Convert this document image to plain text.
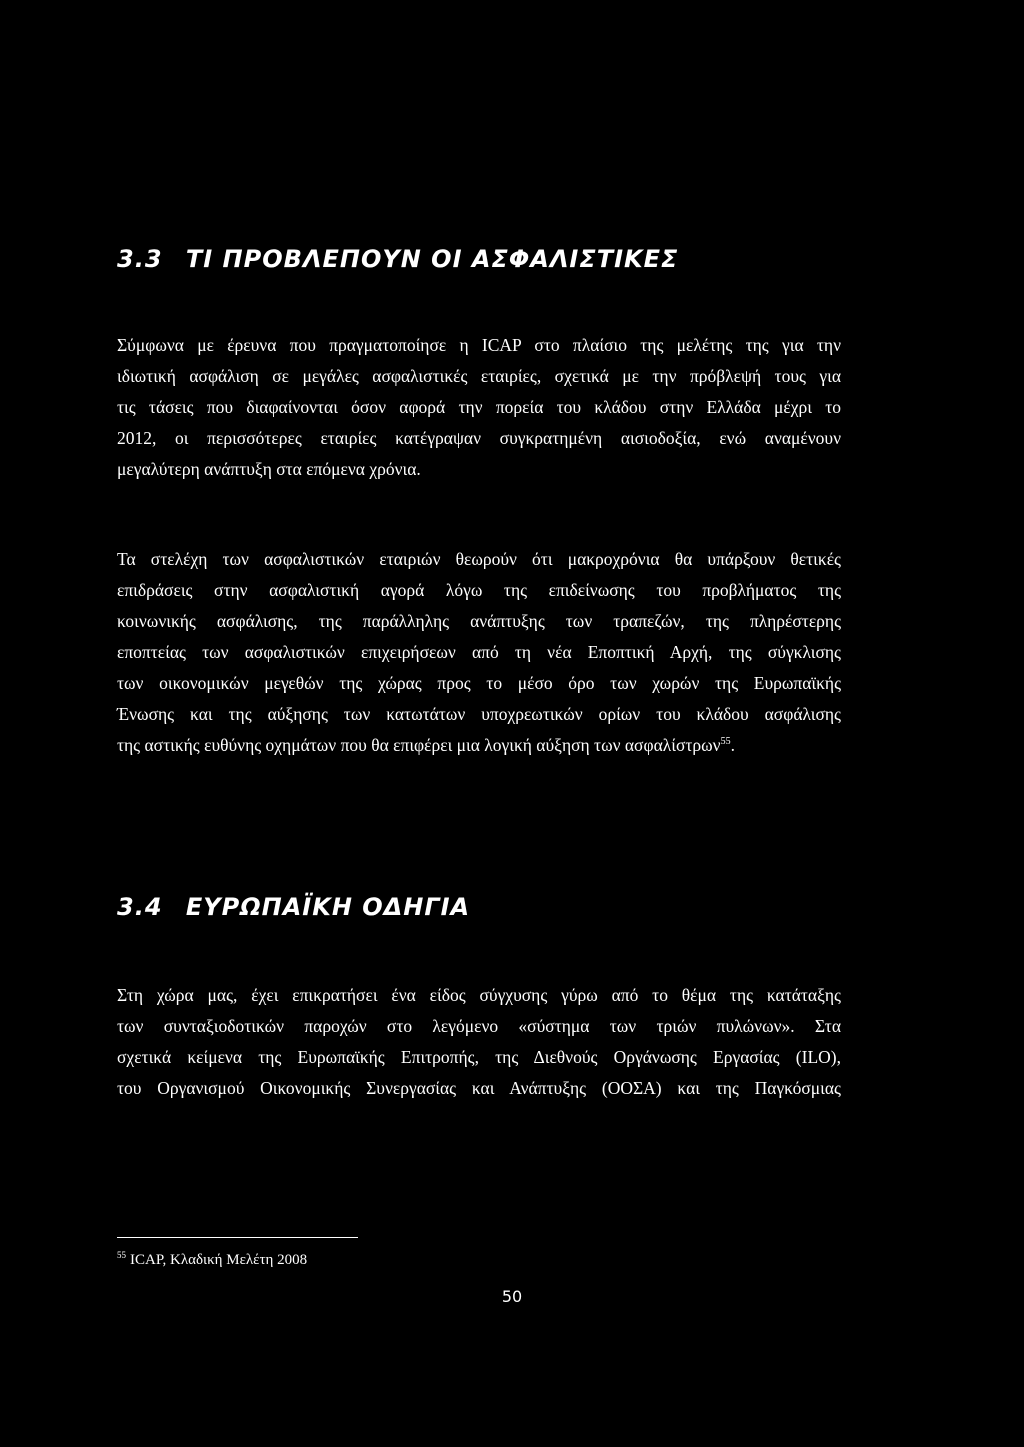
3.3 ΤΙ ΠΡΟΒΛΕΠΟΥΝ ΟΙ ΑΣΦΑΛΙΣΤΙΚΕΣ
Σύμφωνα με έρευνα που πραγματοποίησε η ICAP στο πλαίσιο της μελέτης της για την
ιδιωτική ασφάλιση σε μεγάλες ασφαλιστικές εταιρίες, σχετικά με την πρόβλεψή τους για
τις τάσεις που διαφαίνονται όσον αφορά την πορεία του κλάδου στην Ελλάδα μέχρι το
2012, οι περισσότερες εταιρίες κατέγραψαν συγκρατημένη αισιοδοξία, ενώ αναμένουν
μεγαλύτερη ανάπτυξη στα επόμενα χρόνια.
Τα στελέχη των ασφαλιστικών εταιριών θεωρούν ότι μακροχρόνια θα υπάρξουν θετικές
επιδράσεις στην ασφαλιστική αγορά λόγω της επιδείνωσης του προβλήματος της
κοινωνικής ασφάλισης, της παράλληλης ανάπτυξης των τραπεζών, της πληρέστερης
εποπτείας των ασφαλιστικών επιχειρήσεων από τη νέα Εποπτική Αρχή, της σύγκλισης
των οικονομικών μεγεθών της χώρας προς το μέσο όρο των χωρών της Ευρωπαϊκής
Ένωσης και της αύξησης των κατωτάτων υποχρεωτικών ορίων του κλάδου ασφάλισης
της αστικής ευθύνης οχημάτων που θα επιφέρει μια λογική αύξηση των ασφαλίστρων$^{55}$.
3.4 ΕΥΡΩΠΑΪΚΗ ΟΔΗΓΙΑ
Στη χώρα μας, έχει επικρατήσει ένα είδος σύγχυσης γύρω από το θέμα της κατάταξης
των συνταξιοδοτικών παροχών στο λεγόμενο «σύστημα των τριών πυλώνων». Στα
σχετικά κείμενα της Ευρωπαϊκής Επιτροπής, της Διεθνούς Οργάνωσης Εργασίας (ILO),
του Οργανισμού Οικονομικής Συνεργασίας και Ανάπτυξης (ΟΟΣΑ) και της Παγκόσμιας
$^{55}$ ICAP, Κλαδική Μελέτη 2008
50
